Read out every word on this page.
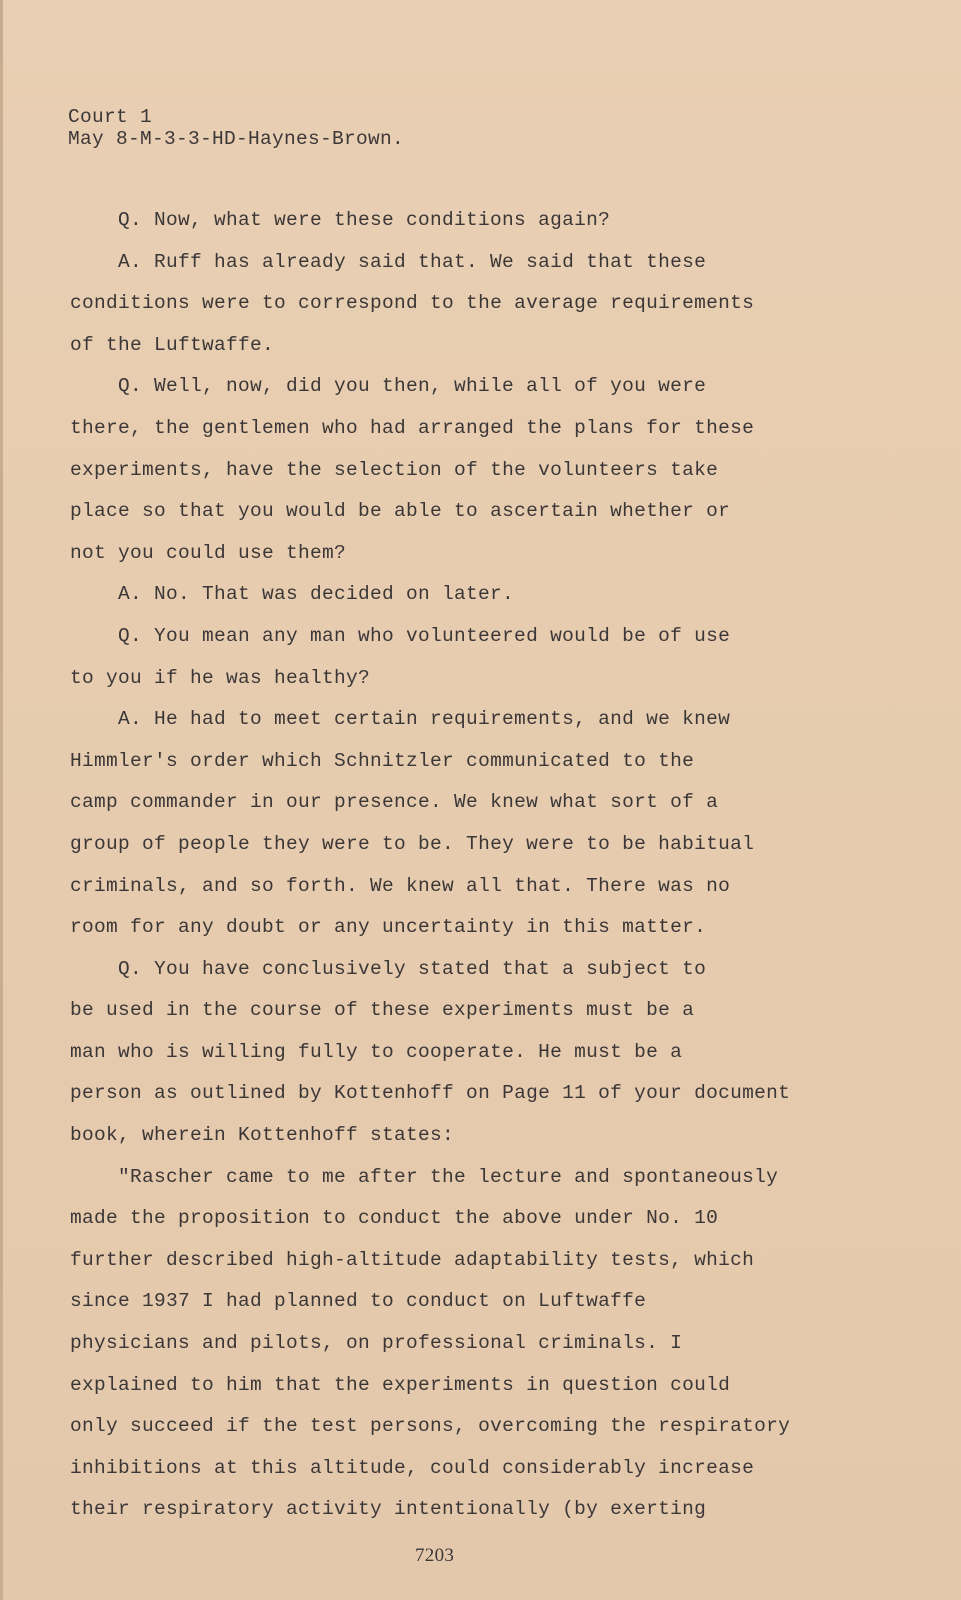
Court 1
May 8-M-3-3-HD-Haynes-Brown.
Q. Now, what were these conditions again?
A. Ruff has already said that. We said that these
conditions were to correspond to the average requirements
of the Luftwaffe.
Q. Well, now, did you then, while all of you were
there, the gentlemen who had arranged the plans for these
experiments, have the selection of the volunteers take
place so that you would be able to ascertain whether or
not you could use them?
A. No. That was decided on later.
Q. You mean any man who volunteered would be of use
to you if he was healthy?
A. He had to meet certain requirements, and we knew
Himmler's order which Schnitzler communicated to the
camp commander in our presence. We knew what sort of a
group of people they were to be. They were to be habitual
criminals, and so forth. We knew all that. There was no
room for any doubt or any uncertainty in this matter.
Q. You have conclusively stated that a subject to
be used in the course of these experiments must be a
man who is willing fully to cooperate. He must be a
person as outlined by Kottenhoff on Page 11 of your document
book, wherein Kottenhoff states:
"Rascher came to me after the lecture and spontaneously
made the proposition to conduct the above under No. 10
further described high-altitude adaptability tests, which
since 1937 I had planned to conduct on Luftwaffe
physicians and pilots, on professional criminals. I
explained to him that the experiments in question could
only succeed if the test persons, overcoming the respiratory
inhibitions at this altitude, could considerably increase
their respiratory activity intentionally (by exerting
7203
